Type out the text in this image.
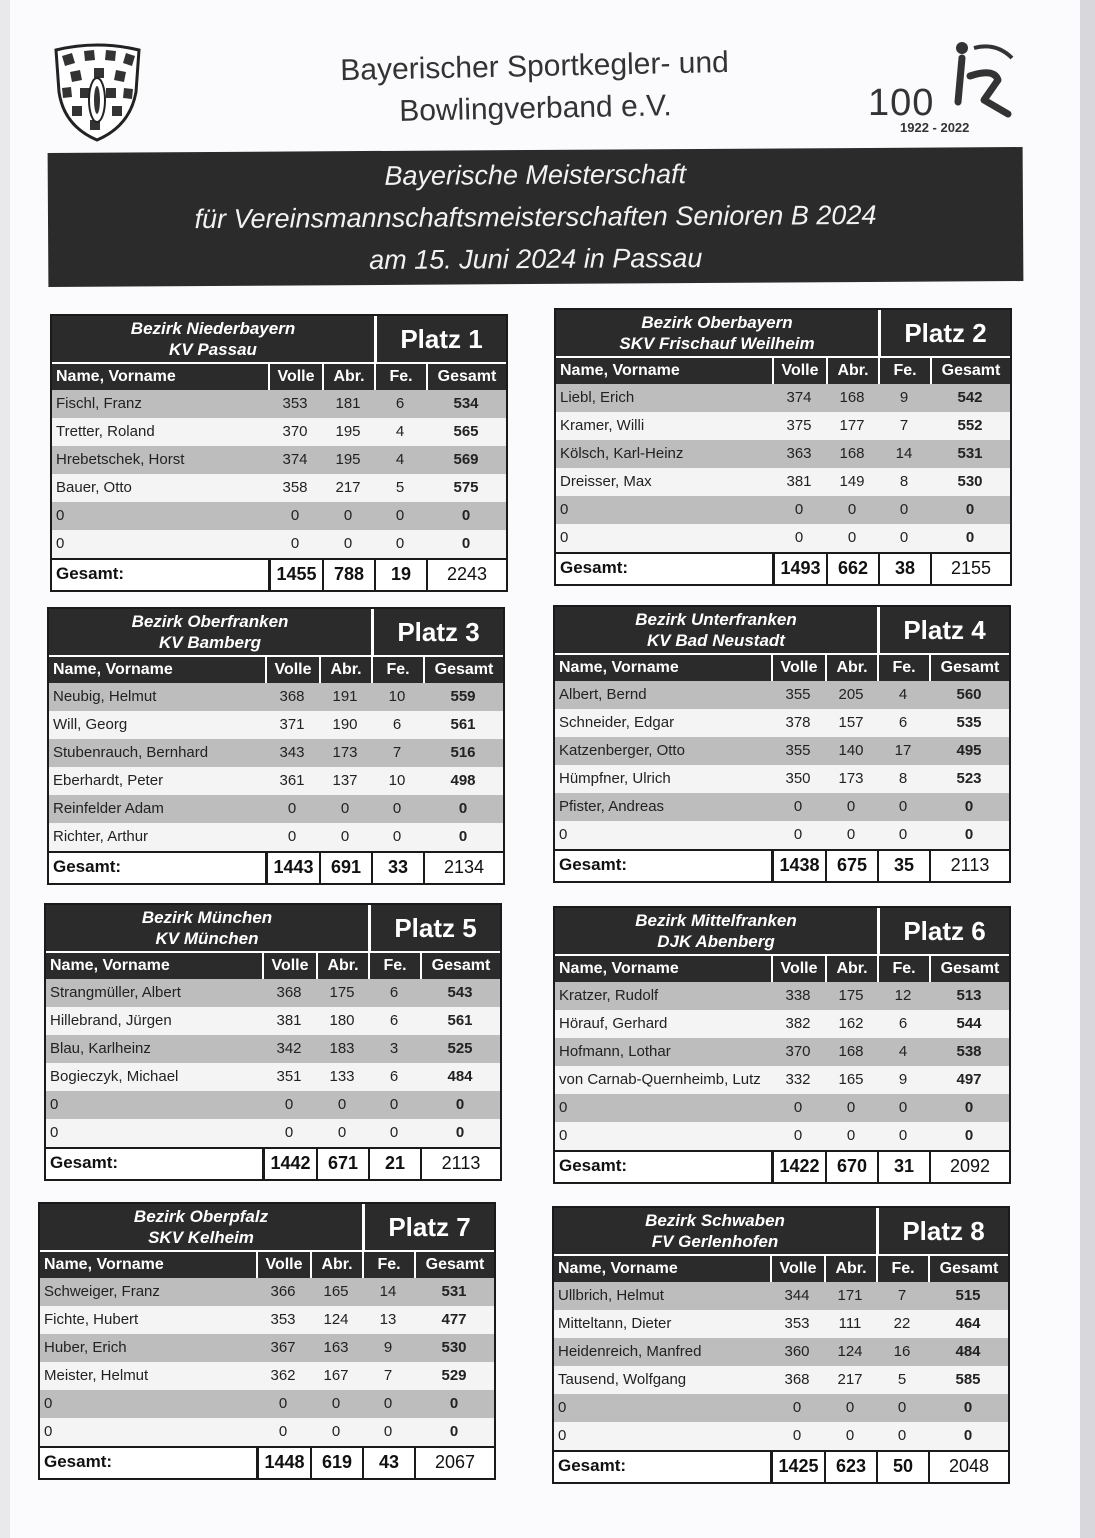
Bayerischer Sportkegler- und
Bowlingverband e.V.	100
1922 - 2022
Bayerische Meisterschaft
für Vereinsmannschaftsmeisterschaften Senioren B 2024
am 15. Juni 2024 in Passau
Bezirk Niederbayern
KV Passau	Platz 1
Name, Vorname	Volle	Abr.	Fe.	Gesamt
Fischl, Franz	353	181	6	534
Tretter, Roland	370	195	4	565
Hrebetschek, Horst	374	195	4	569
Bauer, Otto	358	217	5	575
0	0	0	0	0
0	0	0	0	0
Gesamt:	1455 788	19	2243
Bezirk Oberbayern
SKV Frischauf Weilheim	Platz 2
Name, Vorname	Volle	Abr.	Fe.	Gesamt
Liebl, Erich	374	168	9	542
Kramer, Willi	375	177	7	552
Kölsch, Karl-Heinz	363	168	14	531
Dreisser, Max	381	149	8	530
0	0	0	0	0
0	0	0	0	0
Gesamt:	1493 662	38	2155
Bezirk Oberfranken
KV Bamberg	Platz 3
Name, Vorname	Volle	Abr.	Fe.	Gesamt
Neubig, Helmut	368	191	10	559
Will, Georg	371	190	6	561
Stubenrauch, Bernhard	343	173	7	516
Eberhardt, Peter	361	137	10	498
Reinfelder Adam	0	0	0	0
Richter, Arthur	0	0	0	0
Gesamt:	1443 691	33	2134
Bezirk Unterfranken
KV Bad Neustadt	Platz 4
Name, Vorname	Volle	Abr.	Fe.	Gesamt
Albert, Bernd	355	205	4	560
Schneider, Edgar	378	157	6	535
Katzenberger, Otto	355	140	17	495
Hümpfner, Ulrich	350	173	8	523
Pfister, Andreas	0	0	0	0
0	0	0	0	0
Gesamt:	1438 675	35	2113
Bezirk München
KV München	Platz 5
Name, Vorname	Volle	Abr.	Fe.	Gesamt
Strangmüller, Albert	368	175	6	543
Hillebrand, Jürgen	381	180	6	561
Blau, Karlheinz	342	183	3	525
Bogieczyk, Michael	351	133	6	484
0	0	0	0	0
0	0	0	0	0
Gesamt:	1442 671	21	2113
Bezirk Mittelfranken
DJK Abenberg	Platz 6
Name, Vorname	Volle	Abr.	Fe.	Gesamt
Kratzer, Rudolf	338	175	12	513
Hörauf, Gerhard	382	162	6	544
Hofmann, Lothar	370	168	4	538
von Carnab-Quernheimb, Lutz	332	165	9	497
0	0	0	0	0
0	0	0	0	0
Gesamt:	1422 670	31	2092
Bezirk Oberpfalz
SKV Kelheim	Platz 7
Name, Vorname	Volle	Abr.	Fe.	Gesamt
Schweiger, Franz	366	165	14	531
Fichte, Hubert	353	124	13	477
Huber, Erich	367	163	9	530
Meister, Helmut	362	167	7	529
0	0	0	0	0
0	0	0	0	0
Gesamt:	1448 619	43	2067
Bezirk Schwaben
FV Gerlenhofen	Platz 8
Name, Vorname	Volle	Abr.	Fe.	Gesamt
Ullbrich, Helmut	344	171	7	515
Mitteltann, Dieter	353	111	22	464
Heidenreich, Manfred	360	124	16	484
Tausend, Wolfgang	368	217	5	585
0	0	0	0	0
0	0	0	0	0
Gesamt:	1425 623	50	2048
